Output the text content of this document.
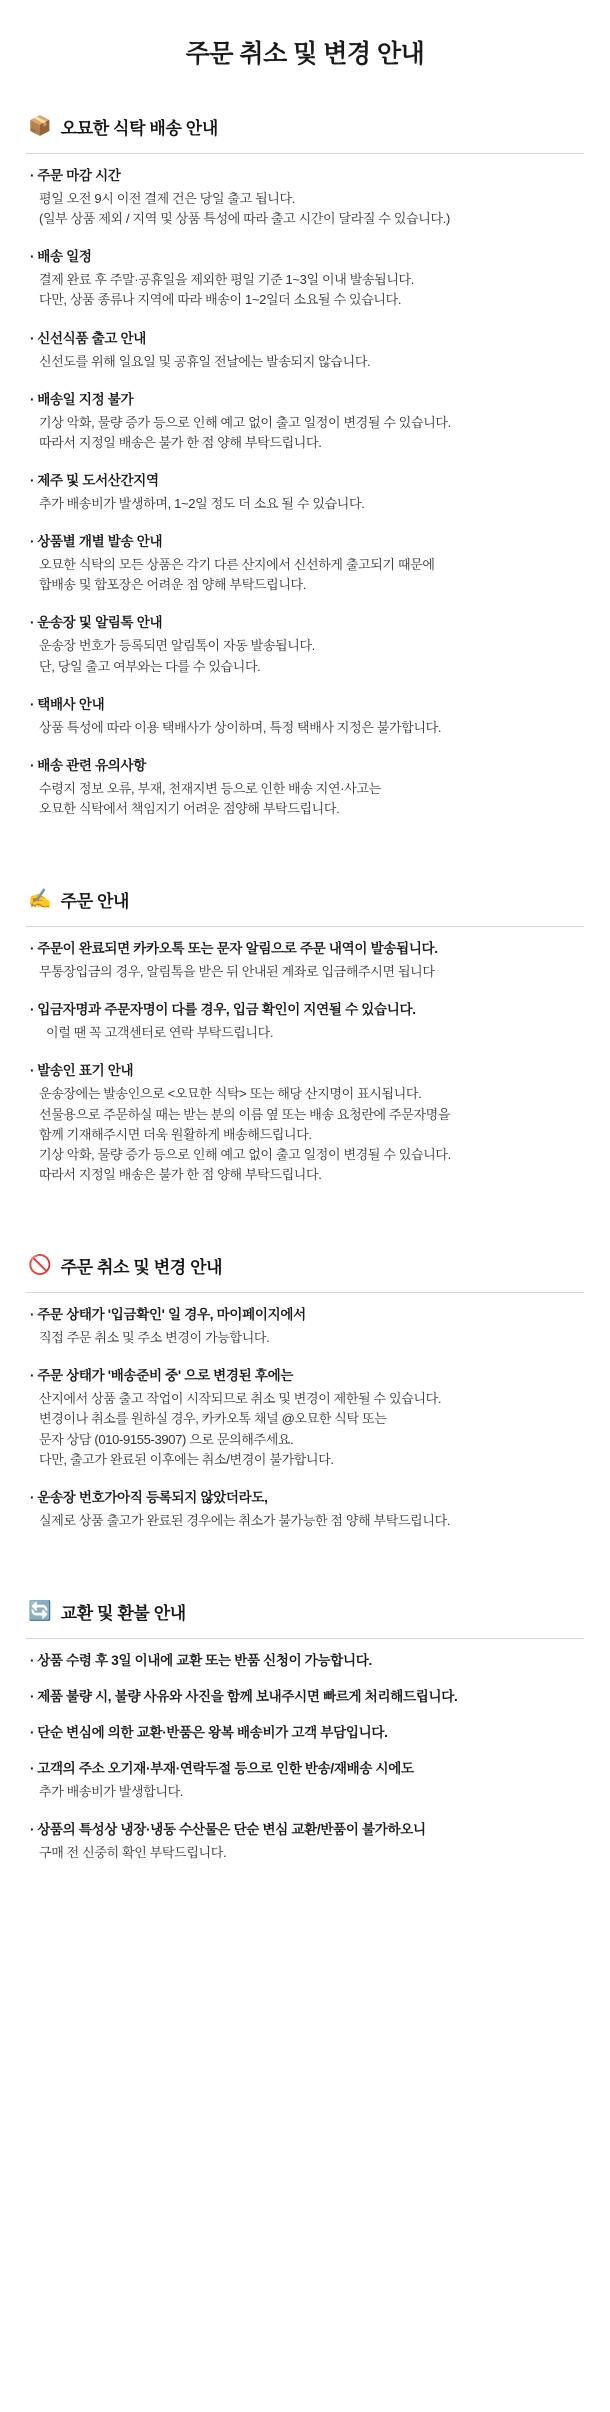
주문 취소 및 변경 안내
📦 오묘한 식탁 배송 안내
· 주문 마감 시간
평일 오전 9시 이전 결제 건은 당일 출고 됩니다.
(일부 상품 제외 / 지역 및 상품 특성에 따라 출고 시간이 달라질 수 있습니다.)
· 배송 일정
결제 완료 후 주말·공휴일을 제외한 평일 기준 1~3일 이내 발송됩니다.
다만, 상품 종류나 지역에 따라 배송이 1~2일더 소요될 수 있습니다.
· 신선식품 출고 안내
신선도를 위해 일요일 및 공휴일 전날에는 발송되지 않습니다.
· 배송일 지정 불가
기상 악화, 물량 증가 등으로 인해 예고 없이 출고 일정이 변경될 수 있습니다.
따라서 지정일 배송은 불가 한 점 양해 부탁드립니다.
· 제주 및 도서산간지역
추가 배송비가 발생하며, 1~2일 정도 더 소요 될 수 있습니다.
· 상품별 개별 발송 안내
오묘한 식탁의 모든 상품은 각기 다른 산지에서 신선하게 출고되기 때문에
합배송 및 합포장은 어려운 점 양해 부탁드립니다.
· 운송장 및 알림톡 안내
운송장 번호가 등록되면 알림톡이 자동 발송됩니다.
단, 당일 출고 여부와는 다를 수 있습니다.
· 택배사 안내
상품 특성에 따라 이용 택배사가 상이하며, 특정 택배사 지정은 불가합니다.
· 배송 관련 유의사항
수령지 정보 오류, 부재, 천재지변 등으로 인한 배송 지연·사고는
오묘한 식탁에서 책임지기 어려운 점양해 부탁드립니다.
✍️ 주문 안내
· 주문이 완료되면 카카오톡 또는 문자 알림으로 주문 내역이 발송됩니다.
무통장입금의 경우, 알림톡을 받은 뒤 안내된 계좌로 입금해주시면 됩니다
· 입금자명과 주문자명이 다를 경우, 입금 확인이 지연될 수 있습니다.
이럴 땐 꼭 고객센터로 연락 부탁드립니다.
· 발송인 표기 안내
운송장에는 발송인으로 <오묘한 식탁> 또는 해당 산지명이 표시됩니다.
선물용으로 주문하실 때는 받는 분의 이름 옆 또는 배송 요청란에 주문자명을
함께 기재해주시면 더욱 원활하게 배송해드립니다.
기상 악화, 물량 증가 등으로 인해 예고 없이 출고 일정이 변경될 수 있습니다.
따라서 지정일 배송은 불가 한 점 양해 부탁드립니다.
🚫 주문 취소 및 변경 안내
· 주문 상태가 '입금확인' 일 경우, 마이페이지에서
직접 주문 취소 및 주소 변경이 가능합니다.
· 주문 상태가 '배송준비 중' 으로 변경된 후에는
산지에서 상품 출고 작업이 시작되므로 취소 및 변경이 제한될 수 있습니다.
변경이나 취소를 원하실 경우, 카카오톡 채널 @오묘한 식탁 또는
문자 상담 (010-9155-3907) 으로 문의해주세요.
다만, 출고가 완료된 이후에는 취소/변경이 불가합니다.
· 운송장 번호가아직 등록되지 않았더라도,
실제로 상품 출고가 완료된 경우에는 취소가 불가능한 점 양해 부탁드립니다.
🔄 교환 및 환불 안내
· 상품 수령 후 3일 이내에 교환 또는 반품 신청이 가능합니다.
· 제품 불량 시, 불량 사유와 사진을 함께 보내주시면 빠르게 처리해드립니다.
· 단순 변심에 의한 교환·반품은 왕복 배송비가 고객 부담입니다.
· 고객의 주소 오기재·부재·연락두절 등으로 인한 반송/재배송 시에도
추가 배송비가 발생합니다.
· 상품의 특성상 냉장·냉동 수산물은 단순 변심 교환/반품이 불가하오니
구매 전 신중히 확인 부탁드립니다.
